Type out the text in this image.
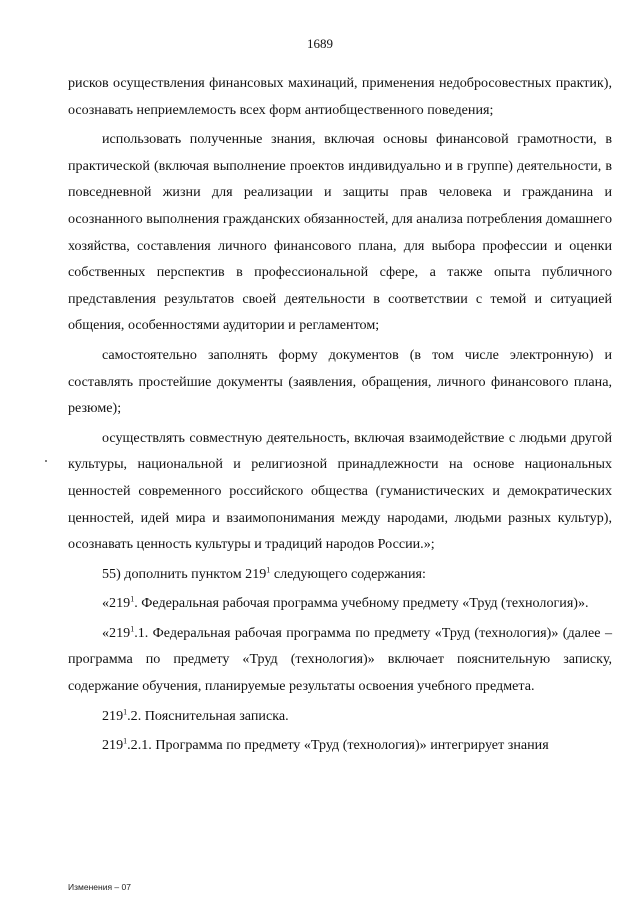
1689

рисков осуществления финансовых махинаций, применения недобросовестных практик), осознавать неприемлемость всех форм антиобщественного поведения;

использовать полученные знания, включая основы финансовой грамотности, в практической (включая выполнение проектов индивидуально и в группе) деятельности, в повседневной жизни для реализации и защиты прав человека и гражданина и осознанного выполнения гражданских обязанностей, для анализа потребления домашнего хозяйства, составления личного финансового плана, для выбора профессии и оценки собственных перспектив в профессиональной сфере, а также опыта публичного представления результатов своей деятельности в соответствии с темой и ситуацией общения, особенностями аудитории и регламентом;

самостоятельно заполнять форму документов (в том числе электронную) и составлять простейшие документы (заявления, обращения, личного финансового плана, резюме);

осуществлять совместную деятельность, включая взаимодействие с людьми другой культуры, национальной и религиозной принадлежности на основе национальных ценностей современного российского общества (гуманистических и демократических ценностей, идей мира и взаимопонимания между народами, людьми разных культур), осознавать ценность культуры и традиций народов России.»;

55) дополнить пунктом $219^1$ следующего содержания:

«$219^1$. Федеральная рабочая программа учебному предмету «Труд (технология)».

«$219^1.1$. Федеральная рабочая программа по предмету «Труд (технология)» (далее – программа по предмету «Труд (технология)» включает пояснительную записку, содержание обучения, планируемые результаты освоения учебного предмета.

$219^1.2$. Пояснительная записка.

$219^1.2.1$. Программа по предмету «Труд (технология)» интегрирует знания

Изменения – 07
